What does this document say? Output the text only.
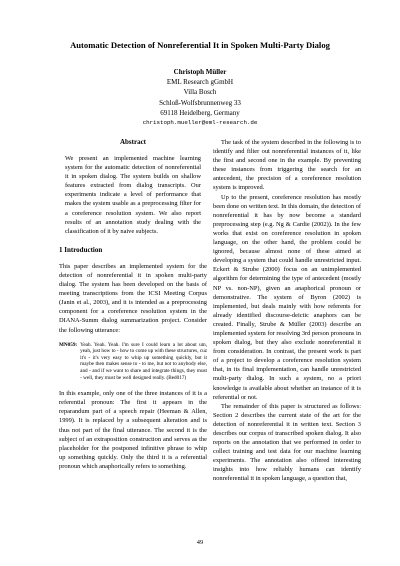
Automatic Detection of Nonreferential It in Spoken Multi-Party Dialog
Christoph Müller
EML Research gGmbH
Villa Bosch
Schloß-Wolfsbrunnenweg 33
69118 Heidelberg, Germany
christoph.mueller@eml-research.de
Abstract
We present an implemented machine learning system for the automatic detection of nonreferential it in spoken dialog. The system builds on shallow features extracted from dialog transcripts. Our experiments indicate a level of performance that makes the system usable as a preprocessing filter for a coreference resolution system. We also report results of an annotation study dealing with the classification of it by naive subjects.
1 Introduction

This paper describes an implemented system for the detection of nonreferential it in spoken multi-party dialog. The system has been developed on the basis of meeting transcriptions from the ICSI Meeting Corpus (Janin et al., 2003), and it is intended as a preprocessing component for a coreference resolution system in the DIANA-Summ dialog summarization project. Consider the following utterance:

MN059: Yeah. Yeah. Yeah. I'm sure I could learn a lot about um, yeah, just how to - how to come up with these structures, cuz it's - it's very easy to whip up something quickly, but it maybe then makes sense to - to me, but not to anybody else, and - and if we want to share and integrate things, they must - well, they must be well designed really. (Bed017)

In this example, only one of the three instances of it is a referential pronoun: The first it appears in the reparandum part of a speech repair (Heeman & Allen, 1999). It is replaced by a subsequent alteration and is thus not part of the final utterance. The second it is the subject of an extraposition construction and serves as the placeholder for the postponed infinitive phrase to whip up something quickly. Only the third it is a referential pronoun which anaphorically refers to something.

The task of the system described in the following is to identify and filter out nonreferential instances of it, like the first and second one in the example. By preventing these instances from triggering the search for an antecedent, the precision of a coreference resolution system is improved.

Up to the present, coreference resolution has mostly been done on written text. In this domain, the detection of nonreferential it has by now become a standard preprocessing step (e.g. Ng & Cardie (2002)). In the few works that exist on coreference resolution in spoken language, on the other hand, the problem could be ignored, because almost none of these aimed at developing a system that could handle unrestricted input. Eckert & Strube (2000) focus on an unimplemented algorithm for determining the type of antecedent (mostly NP vs. non-NP), given an anaphorical pronoun or demonstrative. The system of Byron (2002) is implemented, but deals mainly with how referents for already identified discourse-deictic anaphors can be created. Finally, Strube & Müller (2003) describe an implemented system for resolving 3rd person pronouns in spoken dialog, but they also exclude nonreferential it from consideration. In contrast, the present work is part of a project to develop a coreference resolution system that, in its final implementation, can handle unrestricted multi-party dialog. In such a system, no a priori knowledge is available about whether an instance of it is referential or not.

The remainder of this paper is structured as follows: Section 2 describes the current state of the art for the detection of nonreferential it in written text. Section 3 describes our corpus of transcribed spoken dialog. It also reports on the annotation that we performed in order to collect training and test data for our machine learning experiments. The annotation also offered interesting insights into how reliably humans can identify nonreferential it in spoken language, a question that,

49
